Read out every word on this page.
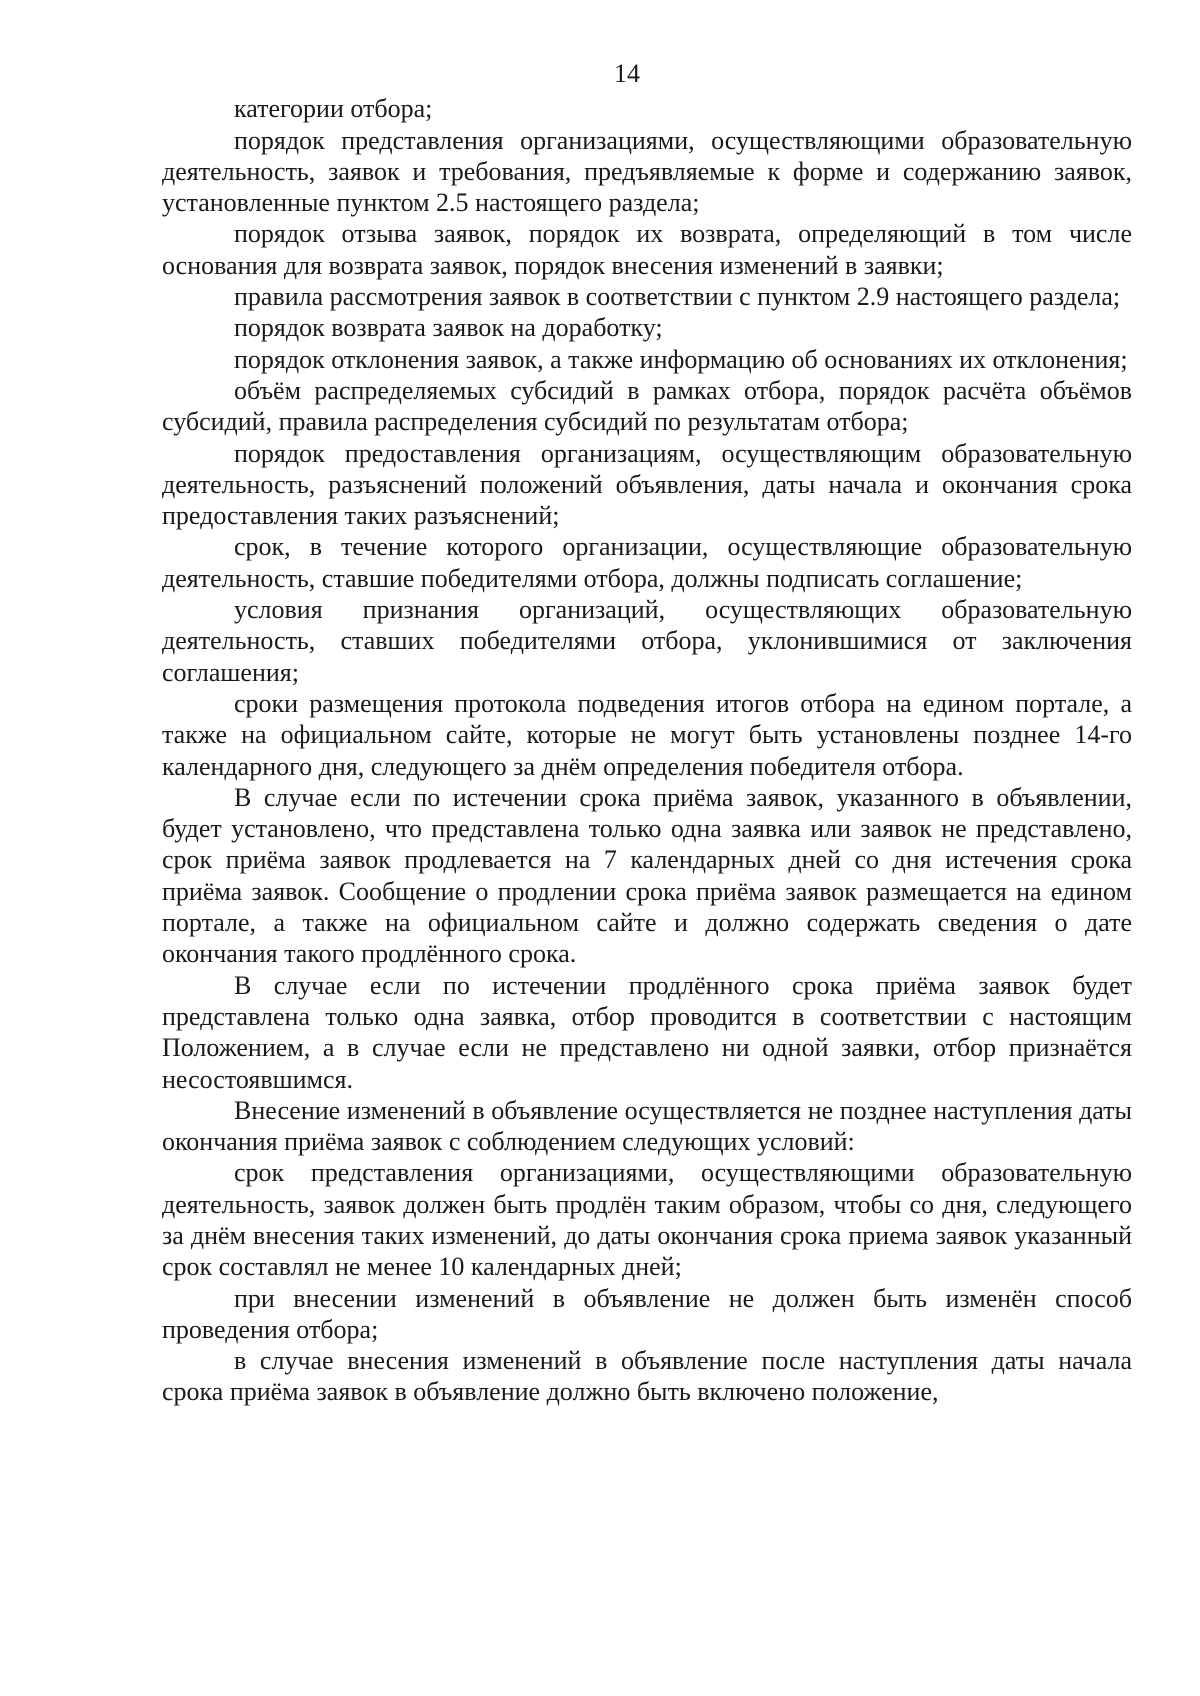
14

категории отбора;

порядок представления организациями, осуществляющими образовательную деятельность, заявок и требования, предъявляемые к форме и содержанию заявок, установленные пунктом 2.5 настоящего раздела;

порядок отзыва заявок, порядок их возврата, определяющий в том числе основания для возврата заявок, порядок внесения изменений в заявки;

правила рассмотрения заявок в соответствии с пунктом 2.9 настоящего раздела;

порядок возврата заявок на доработку;

порядок отклонения заявок, а также информацию об основаниях их отклонения;

объём распределяемых субсидий в рамках отбора, порядок расчёта объёмов субсидий, правила распределения субсидий по результатам отбора;

порядок предоставления организациям, осуществляющим образовательную деятельность, разъяснений положений объявления, даты начала и окончания срока предоставления таких разъяснений;

срок, в течение которого организации, осуществляющие образовательную деятельность, ставшие победителями отбора, должны подписать соглашение;

условия признания организаций, осуществляющих образовательную деятельность, ставших победителями отбора, уклонившимися от заключения соглашения;

сроки размещения протокола подведения итогов отбора на едином портале, а также на официальном сайте, которые не могут быть установлены позднее 14-го календарного дня, следующего за днём определения победителя отбора.

В случае если по истечении срока приёма заявок, указанного в объявлении, будет установлено, что представлена только одна заявка или заявок не представлено, срок приёма заявок продлевается на 7 календарных дней со дня истечения срока приёма заявок. Сообщение о продлении срока приёма заявок размещается на едином портале, а также на официальном сайте и должно содержать сведения о дате окончания такого продлённого срока.

В случае если по истечении продлённого срока приёма заявок будет представлена только одна заявка, отбор проводится в соответствии с настоящим Положением, а в случае если не представлено ни одной заявки, отбор признаётся несостоявшимся.

Внесение изменений в объявление осуществляется не позднее наступления даты окончания приёма заявок с соблюдением следующих условий:

срок представления организациями, осуществляющими образовательную деятельность, заявок должен быть продлён таким образом, чтобы со дня, следующего за днём внесения таких изменений, до даты окончания срока приема заявок указанный срок составлял не менее 10 календарных дней;

при внесении изменений в объявление не должен быть изменён способ проведения отбора;

в случае внесения изменений в объявление после наступления даты начала срока приёма заявок в объявление должно быть включено положение,
